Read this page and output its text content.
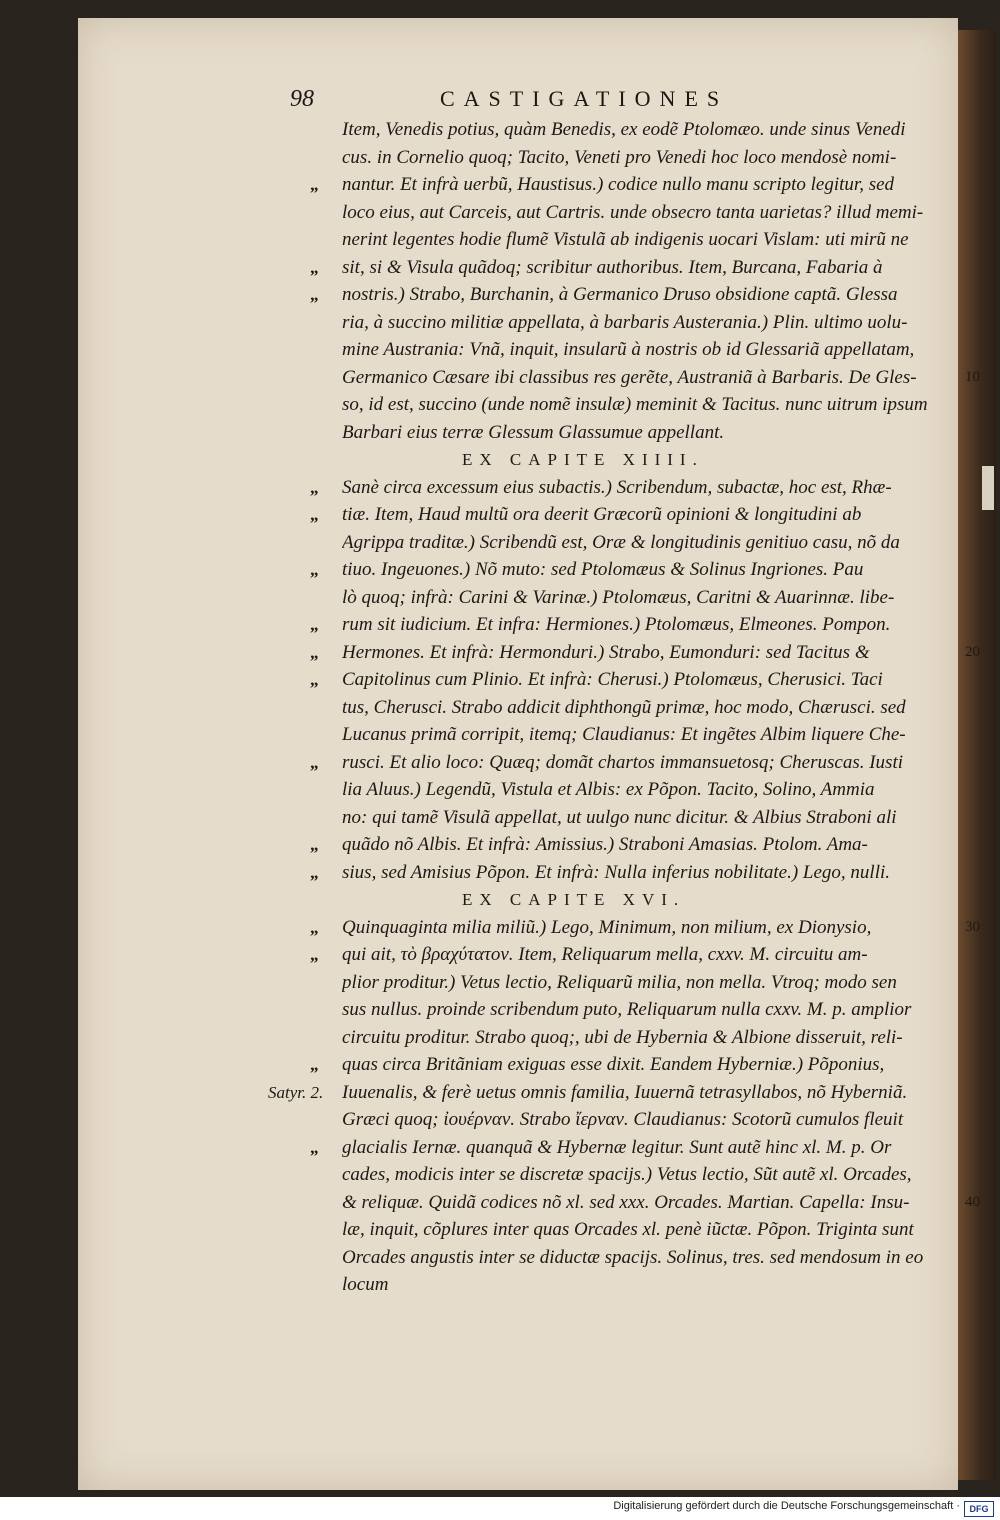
98	CASTIGATIONES
Item, Venedis potius, quàm Benedis, ex eodẽ Ptolomæo. unde sinus Venedi
cus. in Cornelio quoq; Tacito, Veneti pro Venedi hoc loco mendosè nomi-
nantur. Et infrà uerbũ, Haustisus.) codice nullo manu scripto legitur, sed
loco eius, aut Carceis, aut Cartris. unde obsecro tanta uarietas? illud memi-
nerint legentes hodie flumẽ Vistulã ab indigenis uocari Vislam: uti mirũ ne
sit, si & Visula quãdoq; scribitur authoribus. Item, Burcana, Fabaria à
nostris.) Strabo, Burchanin, à Germanico Druso obsidione captã. Glessa
ria, à succino militiæ appellata, à barbaris Austerania.) Plin. ultimo uolu-
mine Austrania: Vnã, inquit, insularũ à nostris ob id Glessariã appellatam,
Germanico Cæsare ibi classibus res gerẽte, Austraniã à Barbaris. De Gles-
so, id est, succino (unde nomẽ insulæ) meminit & Tacitus. nunc uitrum ipsum
Barbari eius terræ Glessum Glassumue appellant.
EX CAPITE XIIII.
Sanè circa excessum eius subactis.) Scribendum, subactæ, hoc est, Rhæ-
tiæ. Item, Haud multũ ora deerit Græcorũ opinioni & longitudini ab
Agrippa traditæ.) Scribendũ est, Oræ & longitudinis genitiuo casu, nõ da
tiuo. Ingeuones.) Nõ muto: sed Ptolomæus & Solinus Ingriones. Pau
lò quoq; infrà: Carini & Varinæ.) Ptolomæus, Caritni & Auarinnæ. libe-
rum sit iudicium. Et infra: Hermiones.) Ptolomæus, Elmeones. Pompon.
Hermones. Et infrà: Hermonduri.) Strabo, Eumonduri: sed Tacitus &
Capitolinus cum Plinio. Et infrà: Cherusi.) Ptolomæus, Cherusici. Taci
tus, Cherusci. Strabo addicit diphthongũ primæ, hoc modo, Chærusci. sed
Lucanus primã corripit, itemq; Claudianus: Et ingẽtes Albim liquere Che-
rusci. Et alio loco: Quæq; domãt chartos immansuetosq; Cheruscas. Iusti
lia Aluus.) Legendũ, Vistula et Albis: ex Põpon. Tacito, Solino, Ammia
no: qui tamẽ Visulã appellat, ut uulgo nunc dicitur. & Albius Straboni ali
quãdo nõ Albis. Et infrà: Amissius.) Straboni Amasias. Ptolom. Ama-
sius, sed Amisius Põpon. Et infrà: Nulla inferius nobilitate.) Lego, nulli.
EX CAPITE XVI.
Quinquaginta milia miliũ.) Lego, Minimum, non milium, ex Dionysio,
qui ait, τὸ βραχύτατον. Item, Reliquarum mella, cxxv. M. circuitu am-
plior proditur.) Vetus lectio, Reliquarũ milia, non mella. Vtroq; modo sen
sus nullus. proinde scribendum puto, Reliquarum nulla cxxv. M. p. amplior
circuitu proditur. Strabo quoq;, ubi de Hybernia & Albione disseruit, reli-
quas circa Britãniam exiguas esse dixit. Eandem Hyberniæ.) Põponius,
Iuuenalis, & ferè uetus omnis familia, Iuuernã tetrasyllabos, nõ Hyberniã.
Græci quoq; ἰουέρναν. Strabo ἴερναν. Claudianus: Scotorũ cumulos fleuit
glacialis Iernæ. quanquã & Hybernæ legitur. Sunt autẽ hinc xl. M. p. Or
cades, modicis inter se discretæ spacijs.) Vetus lectio, Sũt autẽ xl. Orcades,
& reliquæ. Quidã codices nõ xl. sed xxx. Orcades. Martian. Capella: Insu-
læ, inquit, cõplures inter quas Orcades xl. penè iũctæ. Põpon. Triginta sunt
Orcades angustis inter se diductæ spacijs. Solinus, tres. sed mendosum in eo
locum
„
„
„
„
„
„
„
„
„
„
„
„
„
„
„
„
10
20
30
40
Satyr. 2.
Digitalisierung gefördert durch die Deutsche Forschungsgemeinschaft ·	DFG
